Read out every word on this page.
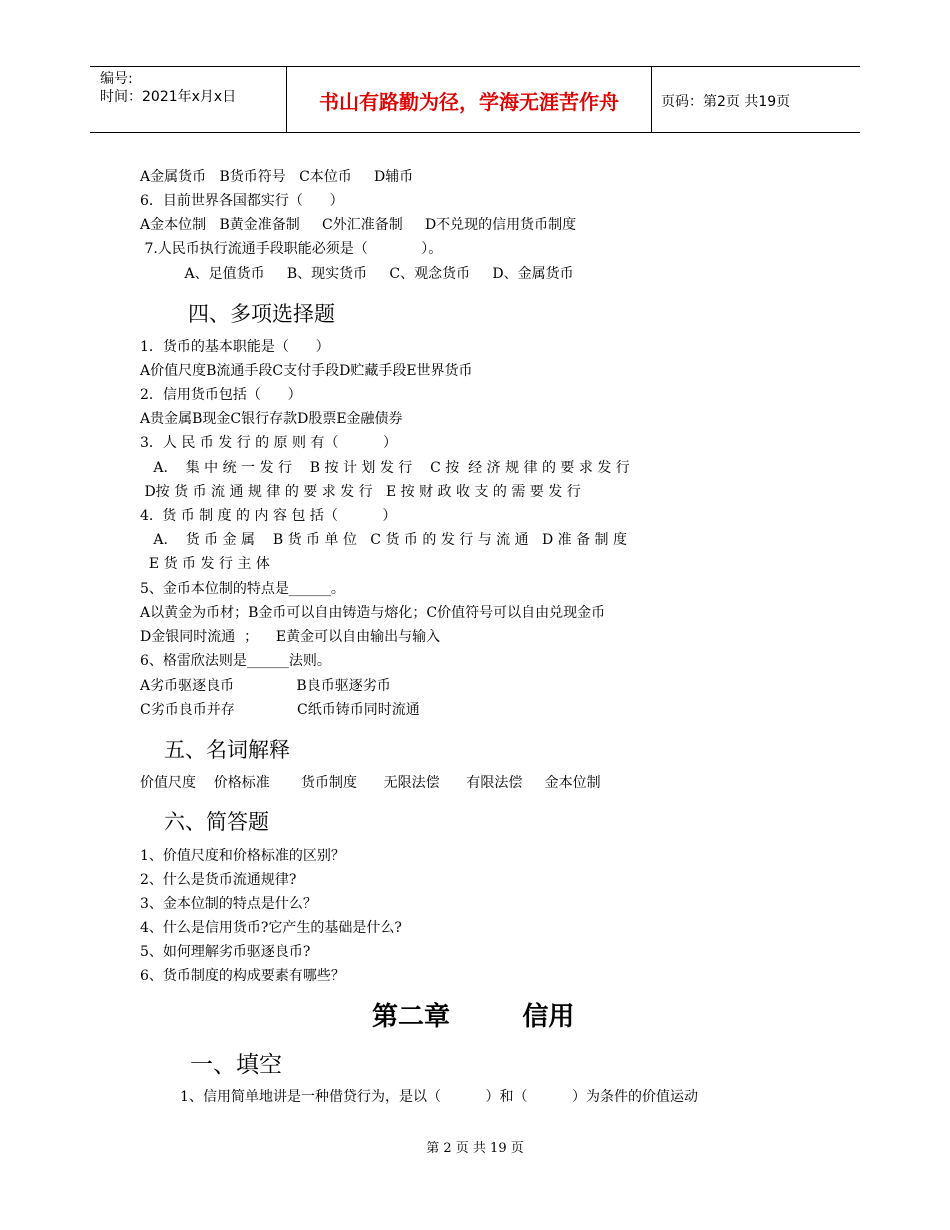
编号:
时间：2021年x月x日	书山有路勤为径，学海无涯苦作舟	页码：第2页 共19页
A金属货币   B货币符号   C本位币     D辅币
6．目前世界各国都实行（      ）
A金本位制   B黄金准备制     C外汇准备制     D不兑现的信用货币制度
7.人民币执行流通手段职能必须是（            ）。
A、足值货币     B、现实货币     C、观念货币     D、金属货币
四、多项选择题
1．货币的基本职能是（      ）
A价值尺度B流通手段C支付手段D贮藏手段E世界货币
2．信用货币包括（      ）
A贵金属B现金C银行存款D股票E金融债券
3．人 民 币 发 行 的 原 则 有（          ）
A.    集 中 统 一 发 行    B 按 计 划 发 行    C 按  经 济 规 律 的 要 求 发 行
D按 货 币 流 通 规 律 的 要 求 发 行   E 按 财 政 收 支 的 需 要 发 行
4.  货 币 制 度 的 内 容 包 括（          ）
A.    货 币 金 属    B 货 币 单 位   C 货 币 的 发 行 与 流 通   D 准 备 制 度
E 货 币 发 行 主 体
5、金币本位制的特点是______。
A以黄金为币材；B金币可以自由铸造与熔化；C价值符号可以自由兑现金币
D金银同时流通  ；    E黄金可以自由输出与输入
6、格雷欣法则是______法则。
A劣币驱逐良币              B良币驱逐劣币
C劣币良币并存              C纸币铸币同时流通
五、名词解释
价值尺度    价格标准       货币制度      无限法偿      有限法偿     金本位制
六、简答题
1、价值尺度和价格标准的区别？
2、什么是货币流通规律?
3、金本位制的特点是什么？
4、什么是信用货币?它产生的基础是什么?
5、如何理解劣币驱逐良币?
6、货币制度的构成要素有哪些？
第二章        信用
一、填空
1、信用简单地讲是一种借贷行为，是以（          ）和（          ）为条件的价值运动
第 2 页 共 19 页
